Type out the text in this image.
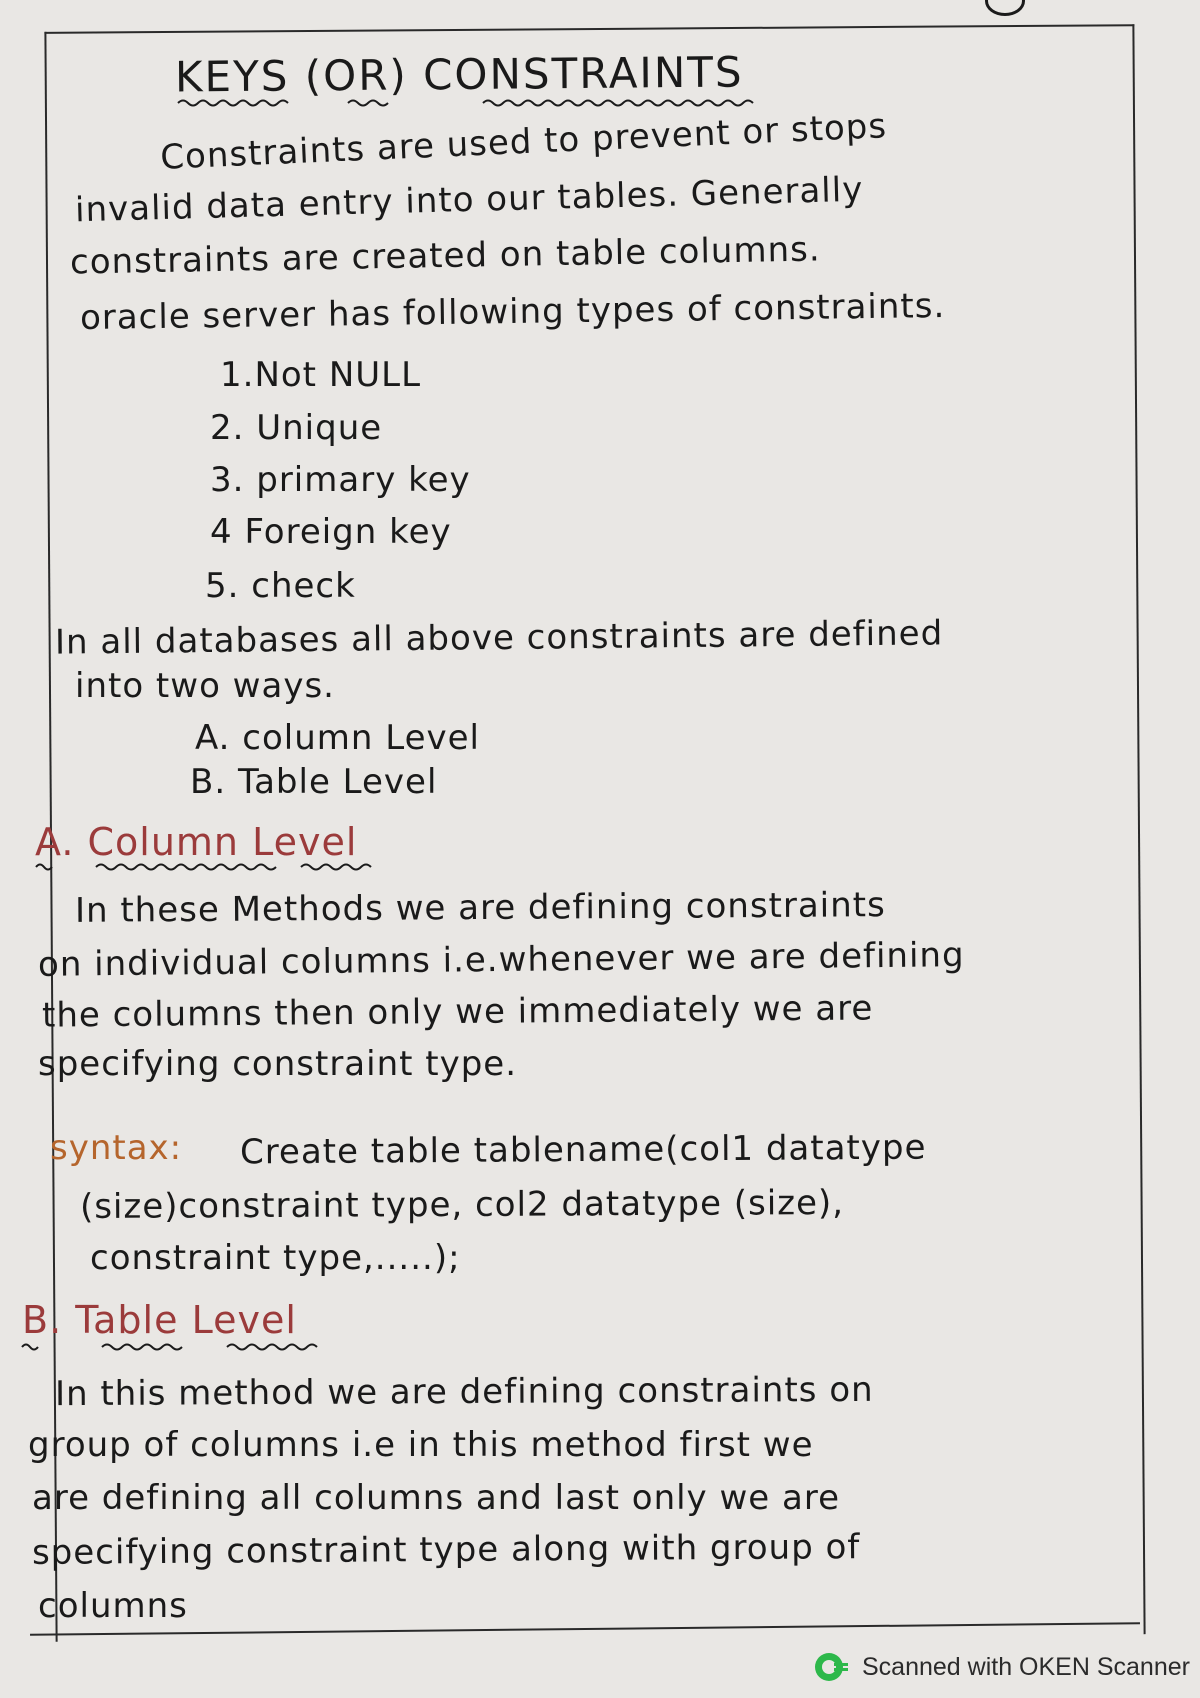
KEYS (OR) CONSTRAINTS
Constraints are used to prevent or stops
invalid data entry into our tables. Generally
constraints are created on table columns.
oracle server has following types of constraints.
1.Not NULL
2. Unique
3. primary key
4 Foreign key
5. check
In all databases all above constraints are defined
into two ways.
A. column Level
B. Table Level
A. Column Level
In these Methods we are defining constraints
on individual columns i.e.whenever we are defining
the columns then only we immediately we are
specifying constraint type.
syntax: Create table tablename(col1 datatype
(size)constraint type, col2 datatype (size),
constraint type,.....);
B. Table Level
In this method we are defining constraints on
group of columns i.e in this method first we
are defining all columns and last only we are
specifying constraint type along with group of
columns
Scanned with OKEN Scanner
